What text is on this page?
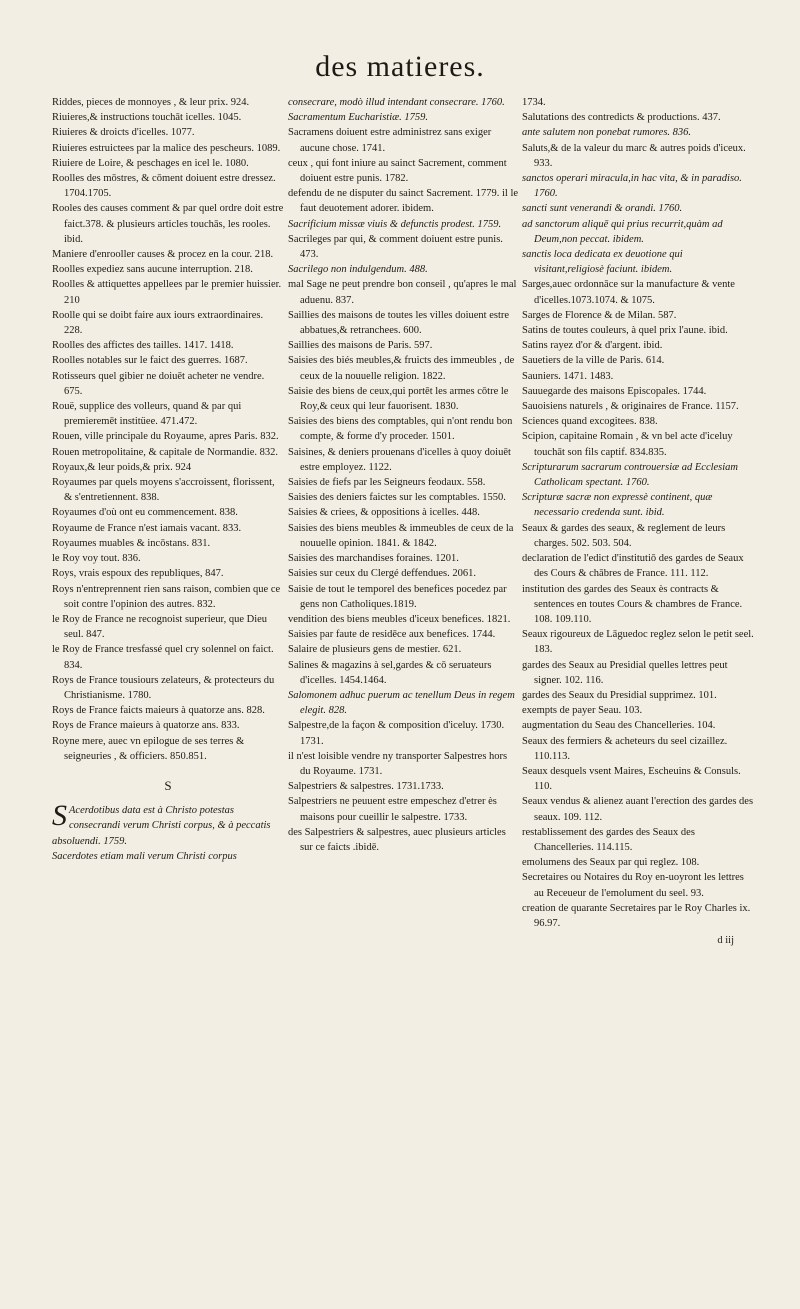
des matieres.

Riddes, pieces de monnoyes , & leur prix. 924.

Riuieres,& instructions touchāt icelles. 1045.

Riuieres & droicts d'icelles. 1077.

Riuieres estruictees par la malice des pescheurs. 1089.

Riuiere de Loire, & peschages en icel le. 1080.

Roolles des mōstres, & cōment doiuent estre dressez. 1704.1705.

Rooles des causes comment & par quel ordre doit estre faict.378. & plusieurs articles touchās, les rooles. ibid.

Maniere d'enrooller causes & procez en la cour. 218.

Roolles expediez sans aucune interruption. 218.

Roolles & attiquettes appellees par le premier huissier. 210

Roolle qui se doibt faire aux iours extraordinaires. 228.

Roolles des affictes des tailles. 1417. 1418.

Roolles notables sur le faict des guerres. 1687.

Rotisseurs quel gibier ne doiuēt acheter ne vendre. 675.

Rouë, supplice des volleurs, quand & par qui premieremēt institüee. 471.472.

Rouen, ville principale du Royaume, apres Paris. 832.

Rouen metropolitaine, & capitale de Normandie. 832.

Royaux,& leur poids,& prix. 924

Royaumes par quels moyens s'accroissent, florissent, & s'entretiennent. 838.

Royaumes d'où ont eu commencement. 838.

Royaume de France n'est iamais vacant. 833.

Royaumes muables & incōstans. 831.

le Roy voy tout. 836.

Roys, vrais espoux des republiques, 847.

Roys n'entreprennent rien sans raison, combien que ce soit contre l'opinion des autres. 832.

le Roy de France ne recognoist superieur, que Dieu seul. 847.

le Roy de France tresfassé quel cry solennel on faict. 834.

Roys de France tousiours zelateurs, & protecteurs du Christianisme. 1780.

Roys de France faicts maieurs à quatorze ans. 828.

Roys de France maieurs à quatorze ans. 833.

Royne mere, auec vn epilogue de ses terres & seigneuries , & officiers. 850.851.

S

S Acerdotibus data est à Christo potestas consecrandi verum Christi corpus, & à peccatis absoluendi. 1759.

Sacerdotes etiam mali verum Christi corpus

consecrare, modò illud intendant consecrare. 1760.

Sacramentum Eucharistiæ. 1759.

Sacramens doiuent estre administrez sans exiger aucune chose. 1741.

ceux , qui font iniure au sainct Sacrement, comment doiuent estre punis. 1782.

defendu de ne disputer du sainct Sacrement. 1779. il le faut deuotement adorer. ibidem.

Sacrificium missæ viuis & defunctis prodest. 1759.

Sacrileges par qui, & comment doiuent estre punis. 473.

Sacrilego non indulgendum. 488.

mal Sage ne peut prendre bon conseil , qu'apres le mal aduenu. 837.

Saillies des maisons de toutes les villes doiuent estre abbatues,& retranchees. 600.

Saillies des maisons de Paris. 597.

Saisies des biés meubles,& fruicts des immeubles , de ceux de la nouuelle religion. 1822.

Saisie des biens de ceux,qui portēt les armes cōtre le Roy,& ceux qui leur fauorisent. 1830.

Saisies des biens des comptables, qui n'ont rendu bon compte, & forme d'y proceder. 1501.

Saisines, & deniers prouenans d'icelles à quoy doiuēt estre employez. 1122.

Saisies de fiefs par les Seigneurs feodaux. 558.

Saisies des deniers faictes sur les comptables. 1550.

Saisies & criees, & oppositions à icelles. 448.

Saisies des biens meubles & immeubles de ceux de la nouuelle opinion. 1841. & 1842.

Saisies des marchandises foraines. 1201.

Saisies sur ceux du Clergé deffendues. 2061.

Saisie de tout le temporel des benefices pocedez par gens non Catholiques.1819.

vendition des biens meubles d'iceux benefices. 1821.

Saisies par faute de residēce aux benefices. 1744.

Salaire de plusieurs gens de mestier. 621.

Salines & magazins à sel,gardes & cō seruateurs d'icelles. 1454.1464.

Salomonem adhuc puerum ac tenellum Deus in regem elegit. 828.

Salpestre,de la façon & composition d'iceluy. 1730. 1731.

il n'est loisible vendre ny transporter Salpestres hors du Royaume. 1731.

Salpestriers & salpestres. 1731.1733.

Salpestriers ne peuuent estre empeschez d'etrer ès maisons pour cueillir le salpestre. 1733.

des Salpestriers & salpestres, auec plusieurs articles sur ce faicts .ibidē.

1734.

Salutations des contredicts & productions. 437.

ante salutem non ponebat rumores. 836.

Saluts,& de la valeur du marc & autres poids d'iceux. 933.

sanctos operari miracula,in hac vita, & in paradiso. 1760.

sancti sunt venerandi & orandi. 1760.

ad sanctorum aliquē qui prius recurrit,quàm ad Deum,non peccat. ibidem.

sanctis loca dedicata ex deuotione qui visitant,religiosè faciunt. ibidem.

Sarges,auec ordonnāce sur la manufacture & vente d'icelles.1073.1074. & 1075.

Sarges de Florence & de Milan. 587.

Satins de toutes couleurs, à quel prix l'aune. ibid.

Satins rayez d'or & d'argent. ibid.

Sauetiers de la ville de Paris. 614.

Sauniers. 1471. 1483.

Sauuegarde des maisons Episcopales. 1744.

Sauoisiens naturels , & originaires de France. 1157.

Sciences quand excogitees. 838.

Scipion, capitaine Romain , & vn bel acte d'iceluy touchāt son fils captif. 834.835.

Scripturarum sacrarum controuersiæ ad Ecclesiam Catholicam spectant. 1760.

Scripturæ sacræ non expressè continent, quæ necessario credenda sunt. ibid.

Seaux & gardes des seaux, & reglement de leurs charges. 502. 503. 504.

declaration de l'edict d'institutiō des gardes de Seaux des Cours & chābres de France. 111. 112.

institution des gardes des Seaux ès contracts & sentences en toutes Cours & chambres de France. 108. 109.110.

Seaux rigoureux de Lāguedoc reglez selon le petit seel. 183.

gardes des Seaux au Presidial quelles lettres peut signer. 102. 116.

gardes des Seaux du Presidial supprimez. 101.

exempts de payer Seau. 103.

augmentation du Seau des Chancelleries. 104.

Seaux des fermiers & acheteurs du seel cizaillez. 110.113.

Seaux desquels vsent Maires, Escheuins & Consuls. 110.

Seaux vendus & alienez auant l'erection des gardes des seaux. 109. 112.

restablissement des gardes des Seaux des Chancelleries. 114.115.

emolumens des Seaux par qui reglez. 108.

Secretaires ou Notaires du Roy en-uoyront les lettres au Receueur de l'emolument du seel. 93.

creation de quarante Secretaires par le Roy Charles ix. 96.97.

d iij
